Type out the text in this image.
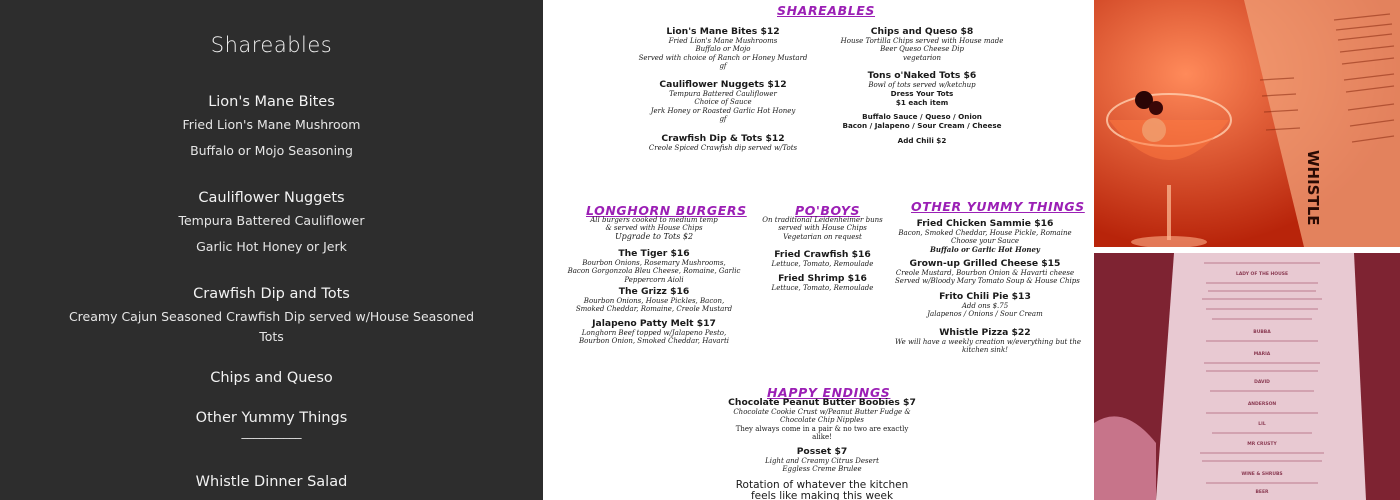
Shareables
Lion's Mane Bites
Fried Lion's Mane Mushroom
Buffalo or Mojo Seasoning
Cauliflower Nuggets
Tempura Battered Cauliflower
Garlic Hot Honey or Jerk
Crawfish Dip and Tots
Creamy Cajun Seasoned Crawfish Dip served w/House Seasoned Tots
Chips and Queso
Other Yummy Things
__________
Whistle Dinner Salad
SHAREABLES
Lion's Mane Bites $12
Fried Lion's Mane Mushrooms
Buffalo or Mojo
Served with choice of Ranch or Honey Mustard
gf
Cauliflower Nuggets $12
Tempura Battered Cauliflower
Choice of Sauce
Jerk Honey or Roasted Garlic Hot Honey
gf
Crawfish Dip & Tots $12
Creole Spiced Crawfish dip served w/Tots
Chips and Queso $8
House Tortilla Chips served with House made
Beer Queso Cheese Dip
vegetarion
Tons o'Naked Tots $6
Bowl of tots served w/ketchup
Dress Your Tots
$1 each item
Buffalo Sauce / Queso / Onion
Bacon / Jalapeno / Sour Cream / Cheese
Add Chili $2
LONGHORN BURGERS
All burgers cooked to medium temp
& served with House Chips
Upgrade to Tots $2
The Tiger $16
Bourbon Onions, Rosemary Mushrooms,
Bacon Gorgonzola Bleu Cheese, Romaine, Garlic
Peppercorn Aioli
The Grizz $16
Bourbon Onions, House Pickles, Bacon,
Smoked Cheddar, Romaine, Creole Mustard
Jalapeno Patty Melt $17
Longhorn Beef topped w/Jalapeno Pesto,
Bourbon Onion, Smoked Cheddar, Havarti
PO'BOYS
On traditional Leidenheimer buns
served with House Chips
Vegetarian on request
Fried Crawfish $16
Lettuce, Tomato, Remoulade
Fried Shrimp $16
Lettuce, Tomato, Remoulade
OTHER YUMMY THINGS
Fried Chicken Sammie $16
Bacon, Smoked Cheddar, House Pickle, Romaine
Choose your Sauce
Buffalo or Garlic Hot Honey
Grown-up Grilled Cheese $15
Creole Mustard, Bourbon Onion & Havarti cheese
Served w/Bloody Mary Tomato Soup & House Chips
Frito Chili Pie $13
Add ons $.75
Jalapenos / Onions / Sour Cream
Whistle Pizza $22
We will have a weekly creation w/everything but the
kitchen sink!
HAPPY ENDINGS
Chocolate Peanut Butter Boobies $7
Chocolate Cookie Crust w/Peanut Butter Fudge &
Chocolate Chip Nipples
They always come in a pair & no two are exactly
alike!
Posset $7
Light and Creamy Citrus Desert
Eggless Creme Brulee
Rotation of whatever the kitchen
feels like making this week
WHISTLE
LADY OF THE HOUSE
BUBBA
MARIA
DAVID
ANDERSON
LIL
MR CRUSTY
WINE & SHRUBS
BEER
